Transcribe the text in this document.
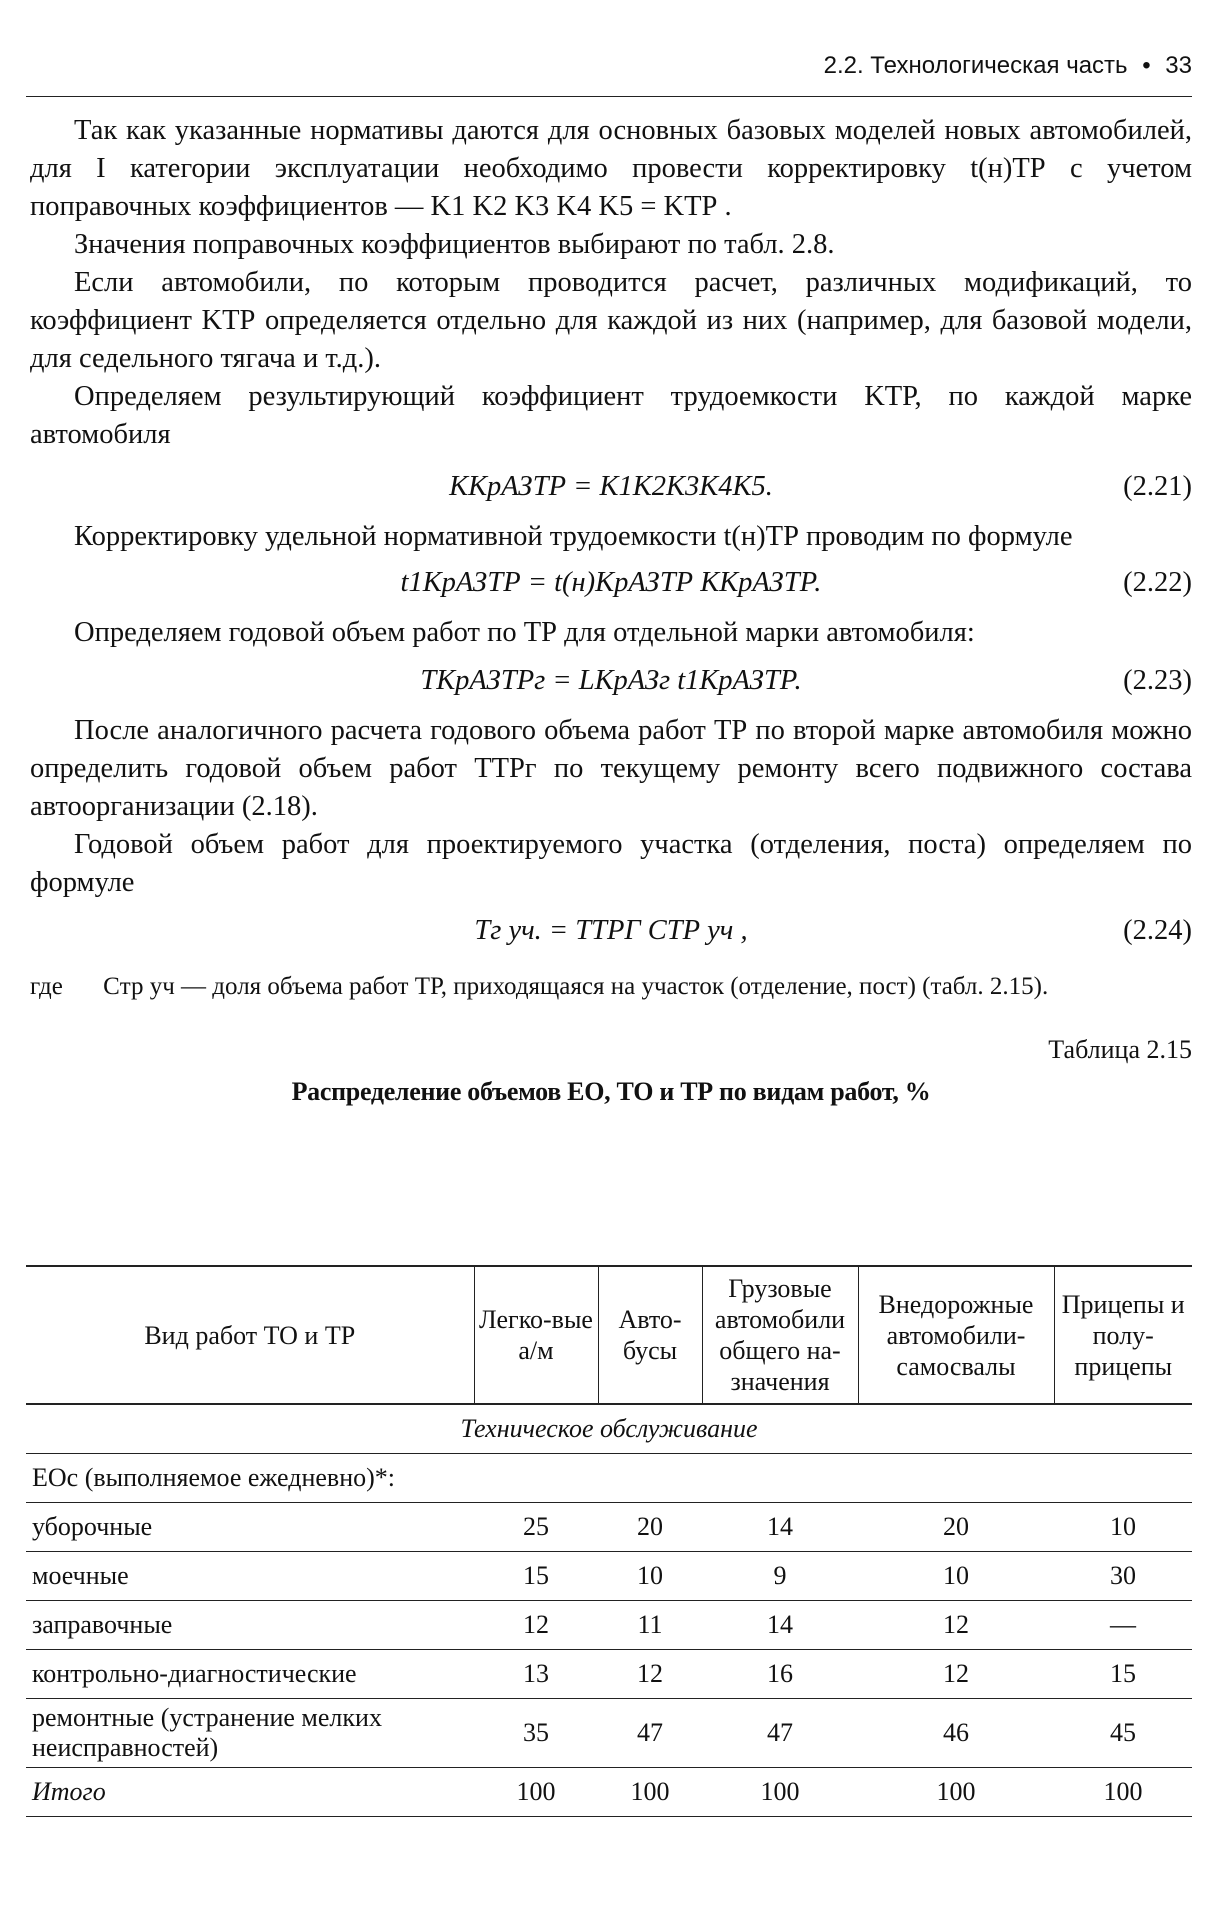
2.2. Технологическая часть • 33

Так как указанные нормативы даются для основных базовых моделей новых автомобилей, для I категории эксплуатации необходимо провести корректировку t(н)ТР с учетом поправочных коэффициентов — K1 K2 K3 K4 K5 = KТР .

Значения поправочных коэффициентов выбирают по табл. 2.8.

Если автомобили, по которым проводится расчет, различных модификаций, то коэффициент KТР определяется отдельно для каждой из них (например, для базовой модели, для седельного тягача и т.д.).

Определяем результирующий коэффициент трудоемкости KТР, по каждой марке автомобиля

KКрАЗТР = K1K2K3K4K5.	(2.21)

Корректировку удельной нормативной трудоемкости t(н)ТР проводим по формуле

t1КрАЗТР = t(н)КрАЗТР KКрАЗТР.	(2.22)

Определяем годовой объем работ по ТР для отдельной марки автомобиля:

TКрАЗТРг = LКрАЗг t1КрАЗТР.	(2.23)

После аналогичного расчета годового объема работ ТР по второй марке автомобиля можно определить годовой объем работ TТРг по текущему ремонту всего подвижного состава автоорганизации (2.18).

Годовой объем работ для проектируемого участка (отделения, поста) определяем по формуле

Tг уч. = TТРГ CТР уч ,	(2.24)

где Cтр уч — доля объема работ ТР, приходящаяся на участок (отделение, пост) (табл. 2.15).

Таблица 2.15
Распределение объемов ЕО, ТО и ТР по видам работ, %
Вид работ ТО и ТР	Легко-вые а/м	Авто-бусы	Грузовые автомобили общего на-значения	Внедорожные автомобили-самосвалы	Прицепы и полу-прицепы
Техническое обслуживание					
ЕОс (выполняемое ежедневно)*:					
уборочные	25	20	14	20	10
моечные	15	10	9	10	30
заправочные	12	11	14	12	—
контрольно-диагностические	13	12	16	12	15
ремонтные (устранение мелких неисправностей)	35	47	47	46	45
Итого	100	100	100	100	100
